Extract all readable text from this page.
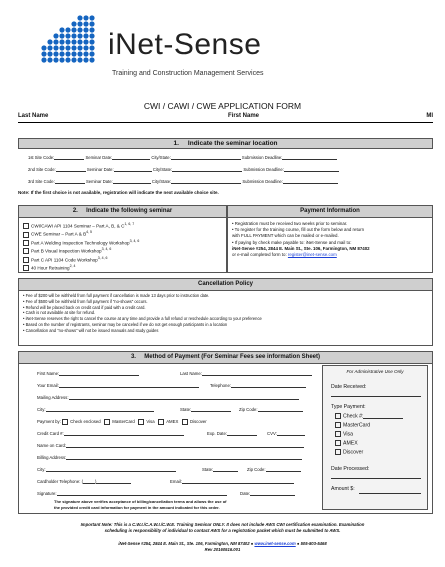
iNet-Sense
Training and Construction Management Services
CWI / CAWI / CWE APPLICATION FORM
Last Name	First Name	MI
1.     Indicate the seminar location
1st Site Code:	Seminar Date:	City/State:	Submission Deadline:
2nd Site Code:	Seminar Date:	City/State:	Submission Deadline:
3rd Site Code:	Seminar Date:	City/State:	Submission Deadline:
Note: If the first choice is not available, registration will indicate the next available choice site.
2.     Indicate the following seminar
CWI/CAWI API 1104 Seminar – Part A, B, & C$^{1, 6, 7}$
CWE Seminar – Part A & B$^{4, 5}$
Part A Welding Inspection Technology Workshop$^{3, 4, 6}$
Part B Visual Inspection Workshop$^{3, 4, 6}$
Part C API 1104 Code Workshop$^{3, 4, 6}$
40 Hour Retraining$^{2, 4}$
Payment Information
• Registration must be received two weeks prior to seminar.
• To register for the training course, fill out the form below and return
with FULL PAYMENT which can be mailed or e-mailed.
• If paying by check make payable to: iNet-Sense and mail to:
iNet-Sense #254, 2844 E. Main St., Ste. 106, Farmington, NM 87402
or e-mail completed form to: register@inet-sense.com
Cancellation Policy
• Fee of $200 will be withheld from full payment if cancellation is made 13 days prior to instruction date.
• Fee of $500 will be withheld from full payment if “no-shows” occurs.
• Refund will be placed back on credit card if paid with a credit card.
• Cash is not available at site for refund.
• iNet-Sense reserves the right to cancel the course at any time and provide a full refund or reschedule according to your preference
• Based on the number of registrants, seminar may be canceled if we do not get enough participants in a location
• Cancellation and “no-shows” will not be issued manuals and study guides
3.     Method of Payment (For Seminar Fees see information Sheet)
First Name:	Last Name:
Your Email:	Telephone:
Mailing Address:
City:	State:	Zip Code:
Payment by: Check enclosed	MasterCard	Visa	AMEX	Discover
Credit Card #:	Exp. Date:	CVV:
Name on Card:
Billing Address:
City:	State:	Zip Code:
Cardholder Telephone: (	)	Email:
Signature:	Date:
The signature above verifies acceptance of billing/cancellation terms and allows the use of
the provided credit card information for payment in the amount indicated for this order.
For Administrative Use Only
Date Received:
Type Payment:
Check #:
MasterCard
Visa
AMEX
Discover
Date Processed:
Amount $:
Important Note: This is a C.W.I./C.A.W.I./C.W.E. Training Seminar ONLY. It does not include AWS CWI certification examination. Examination
scheduling is responsibility of individual to contact AWS for a registration packet which must be submitted to AWS.
iNet-Sense #254, 2844 E. Main St., Ste. 106, Farmington, NM 87402 ● www.inet-sense.com ● 505-803-5468
Rev 20160516.001
